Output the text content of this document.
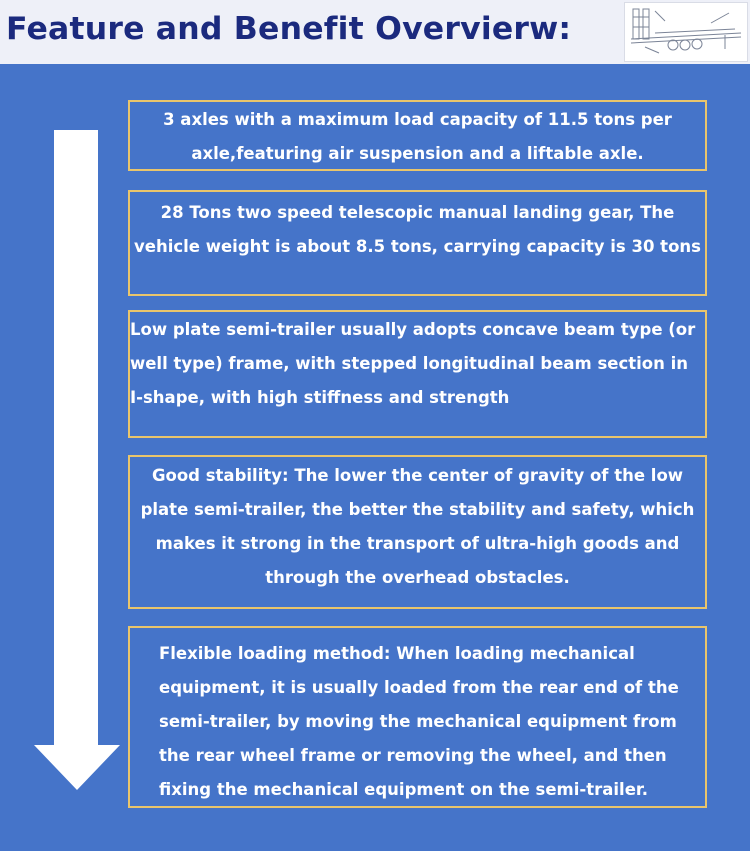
Feature and Benefit Overvierw:
3 axles with a maximum load capacity of 11.5 tons per axle,featuring air suspension and a liftable axle.
28 Tons two speed telescopic manual landing gear, The vehicle weight is about 8.5 tons, carrying capacity is 30 tons
Low plate semi-trailer usually adopts concave beam type (or well type) frame, with stepped longitudinal beam section in I-shape, with high stiffness and strength
Good stability: The lower the center of gravity of the low plate semi-trailer, the better the stability and safety, which makes it strong in the transport of ultra-high goods and through the overhead obstacles.
Flexible loading method: When loading mechanical equipment, it is usually loaded from the rear end of the semi-trailer, by moving the mechanical equipment from the rear wheel frame or removing the wheel, and then fixing the mechanical equipment on the semi-trailer.
